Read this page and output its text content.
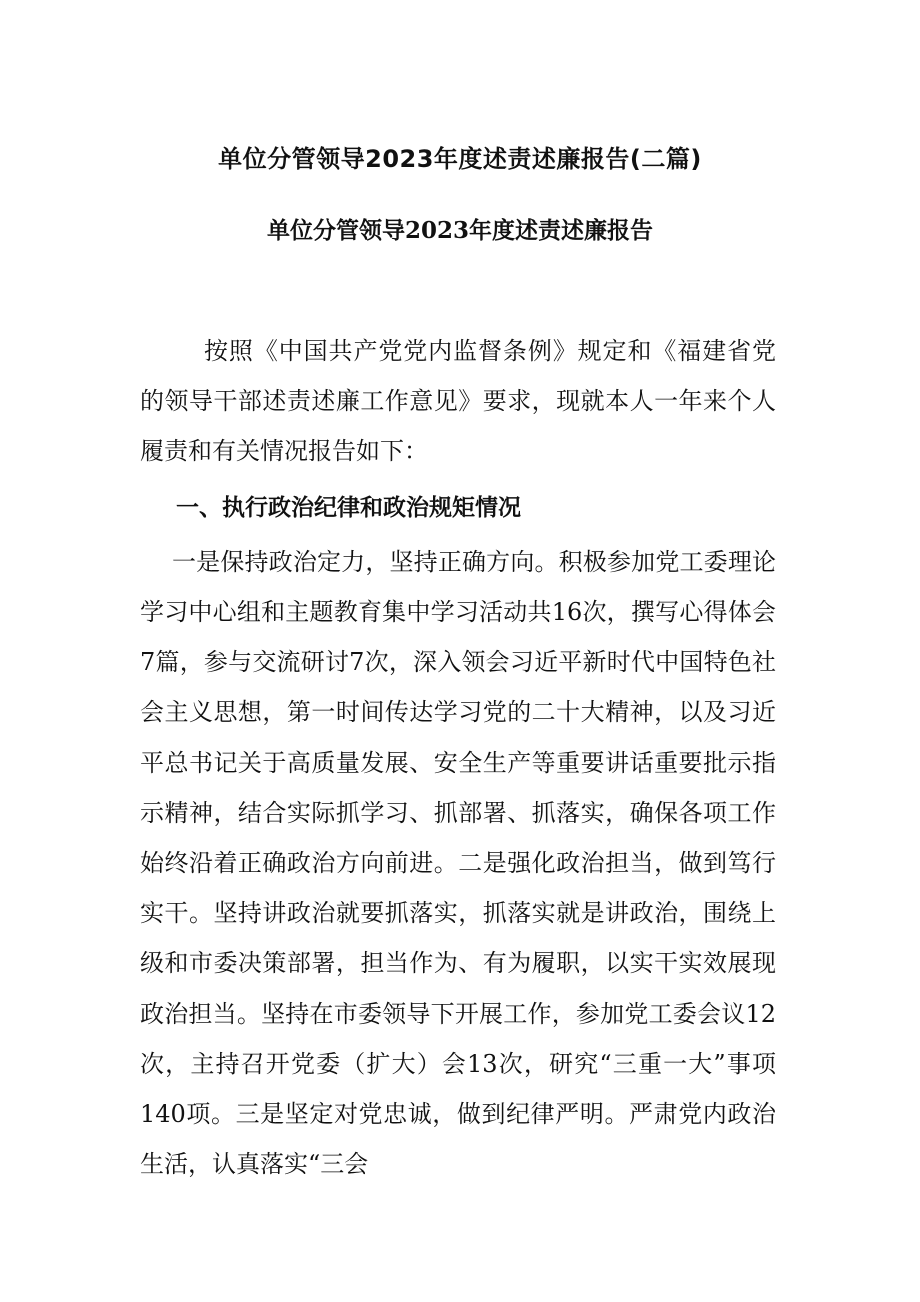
单位分管领导2023年度述责述廉报告(二篇)
单位分管领导2023年度述责述廉报告

按照《中国共产党党内监督条例》规定和《福建省党的领导干部述责述廉工作意见》要求，现就本人一年来个人履责和有关情况报告如下：

一、执行政治纪律和政治规矩情况

一是保持政治定力，坚持正确方向。积极参加党工委理论学习中心组和主题教育集中学习活动共16次，撰写心得体会7篇，参与交流研讨7次，深入领会习近平新时代中国特色社会主义思想，第一时间传达学习党的二十大精神，以及习近平总书记关于高质量发展、安全生产等重要讲话重要批示指示精神，结合实际抓学习、抓部署、抓落实，确保各项工作始终沿着正确政治方向前进。二是强化政治担当，做到笃行实干。坚持讲政治就要抓落实，抓落实就是讲政治，围绕上级和市委决策部署，担当作为、有为履职，以实干实效展现政治担当。坚持在市委领导下开展工作，参加党工委会议12次，主持召开党委（扩大）会13次，研究“三重一大”事项140项。三是坚定对党忠诚，做到纪律严明。严肃党内政治生活，认真落实“三会
